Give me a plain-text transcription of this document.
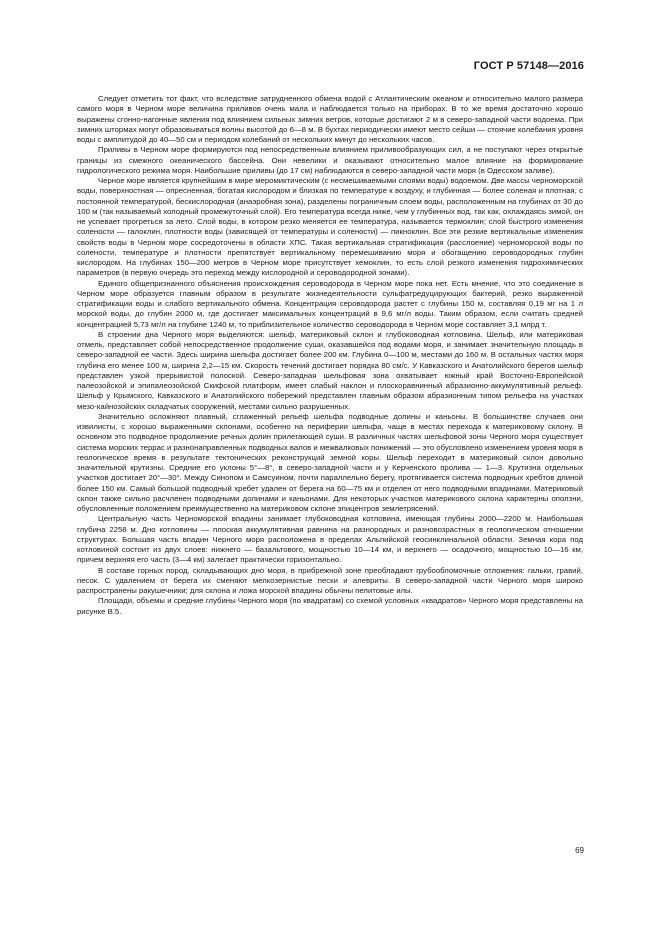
ГОСТ Р 57148—2016

Следует отметить тот факт, что вследствие затрудненного обмена водой с Атлантическим океаном и относительно малого размера самого моря в Черном море величина приливов очень мала и наблюдается только на приборах. В то же время достаточно хорошо выражены сгонно-нагонные явления под влиянием сильных зимних ветров, которые достигают 2 м в северо-западной части водоема. При зимних штормах могут образовываться волны высотой до 6—8 м. В бухтах периодически имеют место сейши — стоячие колебания уровня воды с амплитудой до 40—50 см и периодом колебаний от нескольких минут до нескольких часов.

Приливы в Черном море формируются под непосредственным влиянием приливообразующих сил, а не поступают через открытые границы из смежного океанического бассейна. Они невелики и оказывают относительно малое влияние на формирование гидрологического режима моря. Наибольшие приливы (до 17 см) наблюдаются в северо-западной части моря (в Одесском заливе).

Черное море является крупнейшим в мире меромиктическим (с несмешиваемыми слоями воды) водоемом. Две массы черноморской воды, поверхностная — опресненная, богатая кислородом и близкая по температуре к воздуху, и глубинная — более соленая и плотная, с постоянной температурой, бескислородная (анаэробная зона), разделены пограничным слоем воды, расположенным на глубинах от 30 до 100 м (так называемый холодный промежуточный слой). Его температура всегда ниже, чем у глубинных вод, так как, охлаждаясь зимой, он не успевает прогреться за лето. Слой воды, в котором резко меняется ее температура, называется термоклин; слой быстрого изменения солености — галоклин, плотности воды (зависящей от температуры и солености) — пикноклин. Все эти резкие вертикальные изменения свойств воды в Черном море сосредоточены в области ХПС. Такая вертикальная стратификация (расслоение) черноморской воды по солености, температуре и плотности препятствует вертикальному перемешиванию моря и обогащению сероводородных глубин кислородом. На глубинах 150—200 метров в Черном море присутствует хемоклин, то есть слой резкого изменения гидрохимических параметров (в первую очередь это переход между кислородной и сероводородной зонами).

Единого общепризнанного объяснения происхождения сероводорода в Черном море пока нет. Есть мнение, что это соединение в Черном море образуется главным образом в результате жизнедеятельности сульфатредуцирующих бактерий, резко выраженной стратификации воды и слабого вертикального обмена. Концентрация сероводорода растет с глубины 150 м, составляя 0,19 мг на 1 л морской воды, до глубин 2000 м, где достигает максимальных концентраций в 9,6 мг/л воды. Таким образом, если считать средней концентрацией 5,73 мг/л на глубине 1240 м, то приблизительное количество сероводорода в Черном море составляет 3,1 млрд т.

В строении дна Черного моря выделяются: шельф, материковый склон и глубоководная котловина. Шельф, или материковая отмель, представляет собой непосредственное продолжение суши, оказавшейся под водами моря, и занимает значительную площадь в северо-западной ее части. Здесь ширина шельфа достигает более 200 км. Глубина 0—100 м, местами до 160 м. В остальных частях моря глубина его менее 100 м, ширина 2,2—15 км. Скорость течений достигает порядка 80 см/с. У Кавказского и Анатолийского берегов шельф представлен узкой прерывистой полоской. Северо-западная шельфовая зона охватывает южный край Восточно-Европейской палеозойской и эпипалеозойской Скифской платформ, имеет слабый наклон и плоскоравнинный абразионно-аккумулятивный рельеф. Шельф у Крымского, Кавказского и Анатолийского побережий представлен главным образом абразионным типом рельефа на участках мезо-кайнозойских складчатых сооружений, местами сильно разрушенных.

Значительно осложняют плавный, сглаженный рельеф шельфа подводные долины и каньоны. В большинстве случаев они извилисты, с хорошо выраженными склонами, особенно на периферии шельфа, чаще в местах перехода к материковому склону. В основном это подводное продолжение речных долин прилегающей суши. В различных частях шельфовой зоны Черного моря существует система морских террас и разнонаправленных подводных валов и межвалковых понижений — это обусловлено изменением уровня моря в геологическое время в результате тектонических реконструкций земной коры. Шельф переходит в материковый склон довольно значительной крутизны. Средние его уклоны 5°—8°, в северо-западной части и у Керченского пролива — 1—3. Крутизна отдельных участков достигает 20°—30°. Между Синопом и Самсуином, почти параллельно берегу, протягивается система подводных хребтов длиной более 150 км. Самый большой подводный хребет удален от берега на 60—75 км и отделен от него подводными впадинами. Материковый склон также сильно расчленен подводными долинами и каньонами. Для некоторых участков материкового склона характерны оползни, обусловленные положением преимущественно на материковом склоне эпицентров землетрясений.

Центральную часть Черноморской впадины занимает глубоководная котловина, имеющая глубины 2000—2200 м. Наибольшая глубина 2258 м. Дно котловины — плоская аккумулятивная равнина на разнородных и разновозрастных в геологическом отношении структурах. Большая часть впадин Черного моря расположена в пределах Альпийской геосинклинальной области. Земная кора под котловиной состоит из двух слоев: нижнего — базальтового, мощностью 10—14 км, и верхнего — осадочного, мощностью 10—16 км, причем верхняя его часть (3—4 км) залегает практически горизонтально.

В составе горных пород, складывающих дно моря, в прибрежной зоне преобладают грубообломочные отложения: гальки, гравий, песок. С удалением от берега их сменяют мелкозернистые пески и алевриты. В северо-западной части Черного моря широко распространены ракушечники; для склона и ложа морской впадины обычны пелитовые илы.

Площади, объемы и средние глубины Черного моря (по квадратам) со схемой условных «квадратов» Черного моря представлены на рисунке В.5.

69
